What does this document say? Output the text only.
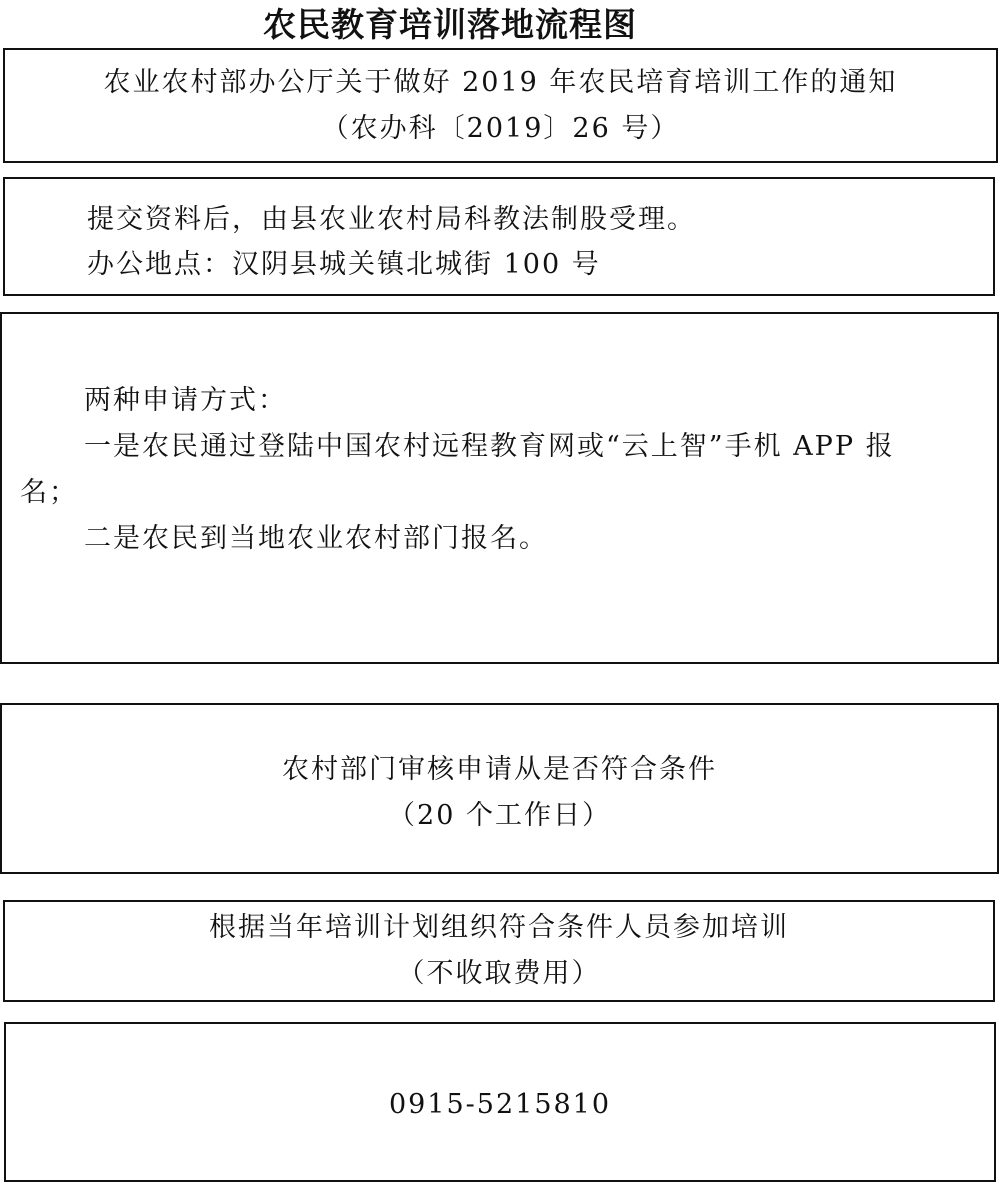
农民教育培训落地流程图
农业农村部办公厅关于做好 2019 年农民培育培训工作的通知
（农办科〔2019〕26 号）
提交资料后，由县农业农村局科教法制股受理。
办公地点：汉阴县城关镇北城街 100 号
两种申请方式：
一是农民通过登陆中国农村远程教育网或“云上智”手机 APP 报
名；
二是农民到当地农业农村部门报名。
农村部门审核申请从是否符合条件
（20 个工作日）
根据当年培训计划组织符合条件人员参加培训
（不收取费用）
0915-5215810
